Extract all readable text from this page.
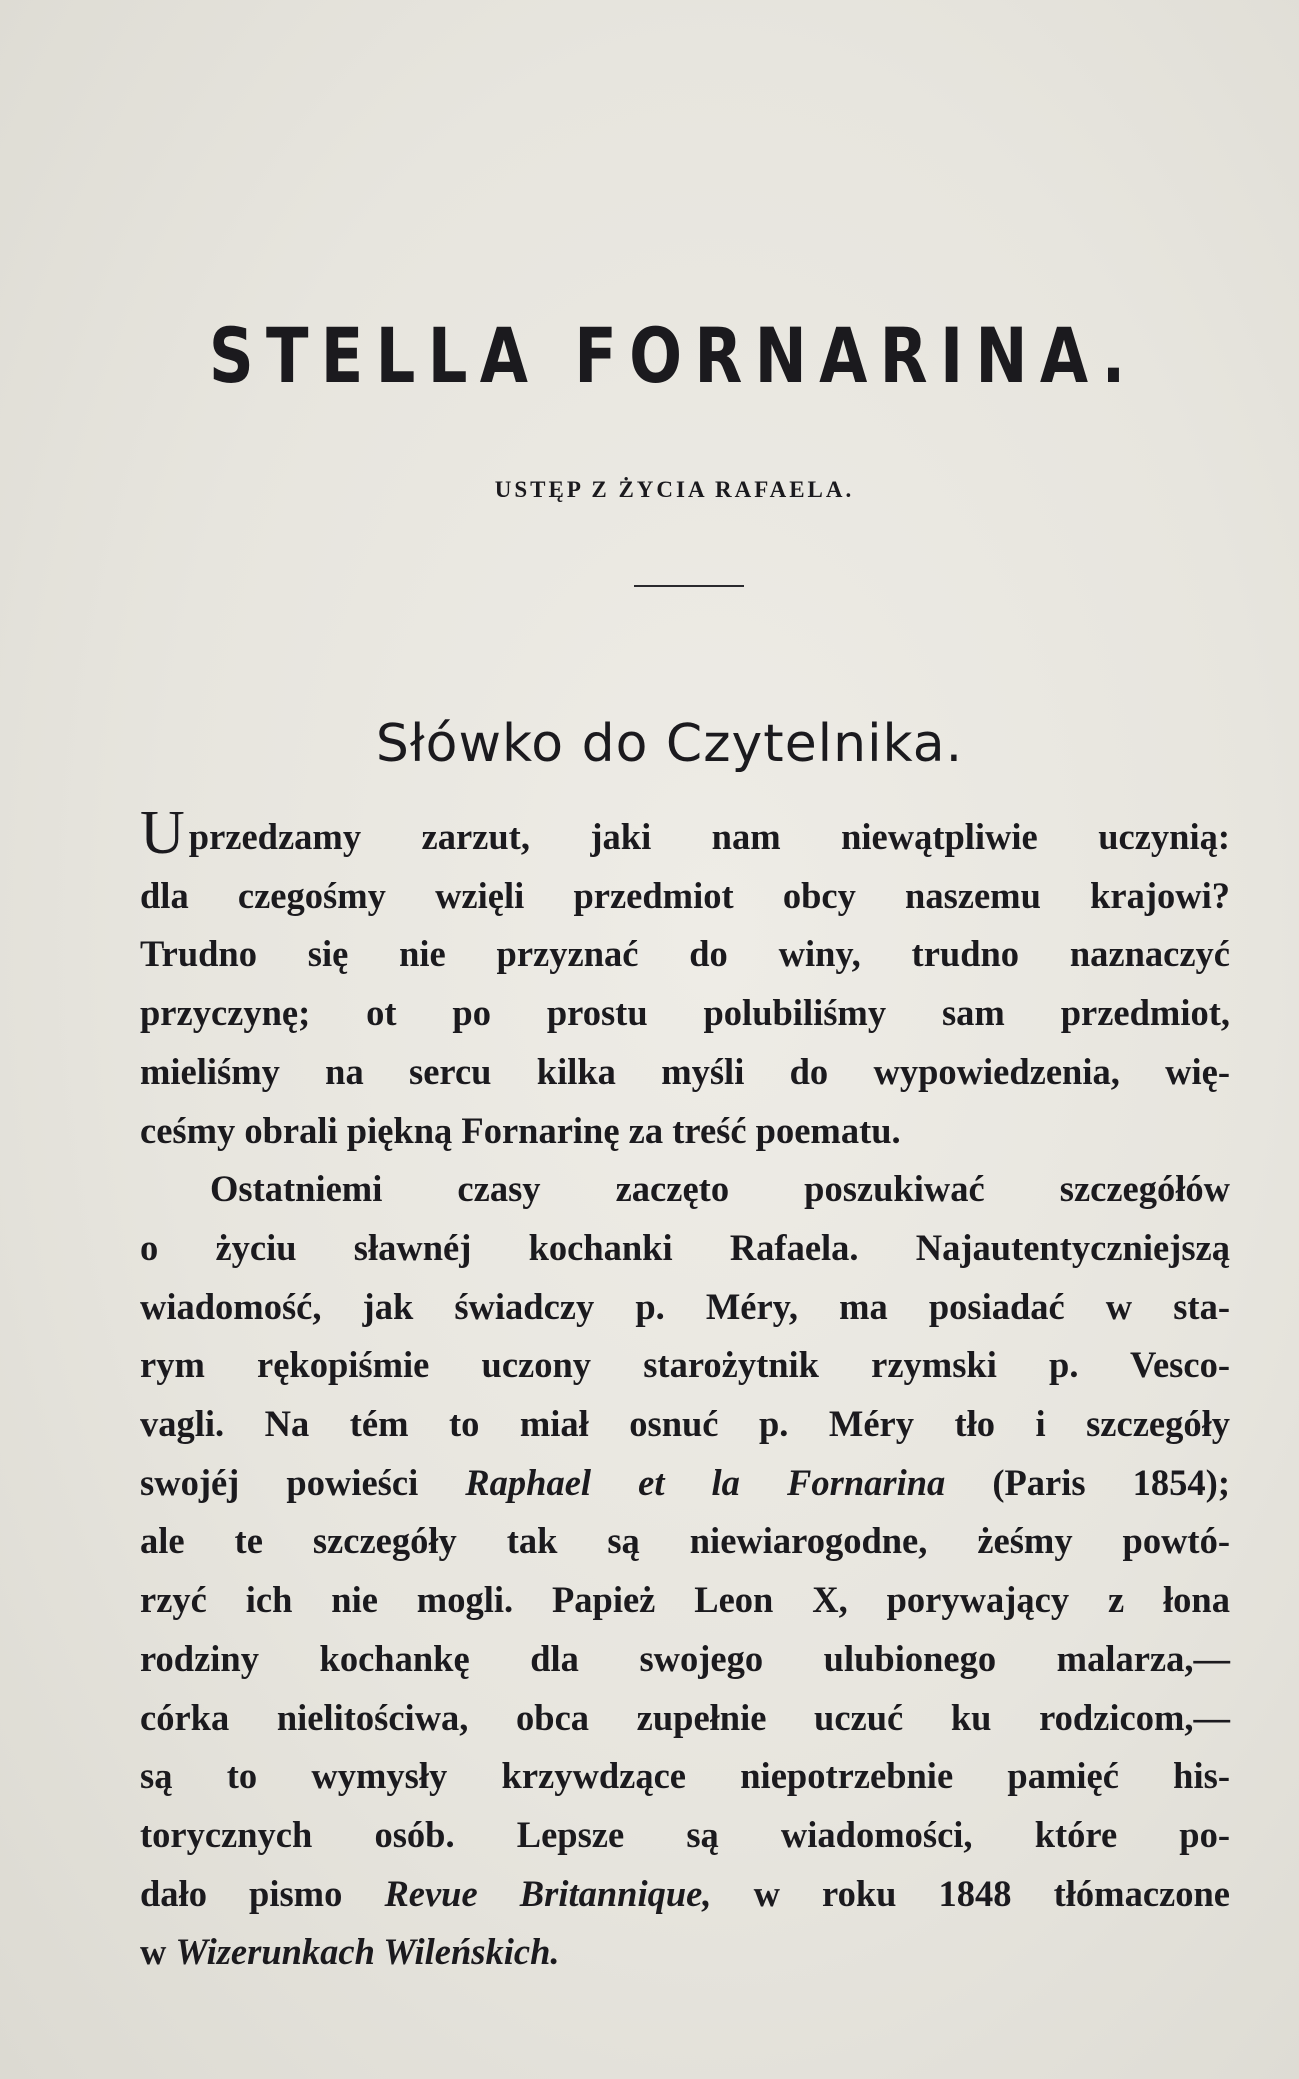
STELLA FORNARINA.
USTĘP Z ŻYCIA RAFAELA.
Słówko do Czytelnika.
Uprzedzamy zarzut, jaki nam niewątpliwie uczynią:
dla czegośmy wzięli przedmiot obcy naszemu krajowi?
Trudno się nie przyznać do winy, trudno naznaczyć
przyczynę; ot po prostu polubiliśmy sam przedmiot,
mieliśmy na sercu kilka myśli do wypowiedzenia, wię-
ceśmy obrali piękną Fornarinę za treść poematu.
Ostatniemi czasy zaczęto poszukiwać szczegółów
o życiu sławnéj kochanki Rafaela. Najautentyczniejszą
wiadomość, jak świadczy p. Méry, ma posiadać w sta-
rym rękopiśmie uczony starożytnik rzymski p. Vesco-
vagli. Na tém to miał osnuć p. Méry tło i szczegóły
swojéj powieści Raphael et la Fornarina (Paris 1854);
ale te szczegóły tak są niewiarogodne, żeśmy powtó-
rzyć ich nie mogli. Papież Leon X, porywający z łona
rodziny kochankę dla swojego ulubionego malarza,—
córka nielitościwa, obca zupełnie uczuć ku rodzicom,—
są to wymysły krzywdzące niepotrzebnie pamięć his-
torycznych osób. Lepsze są wiadomości, które po-
dało pismo Revue Britannique, w roku 1848 tłómaczone
w Wizerunkach Wileńskich.
